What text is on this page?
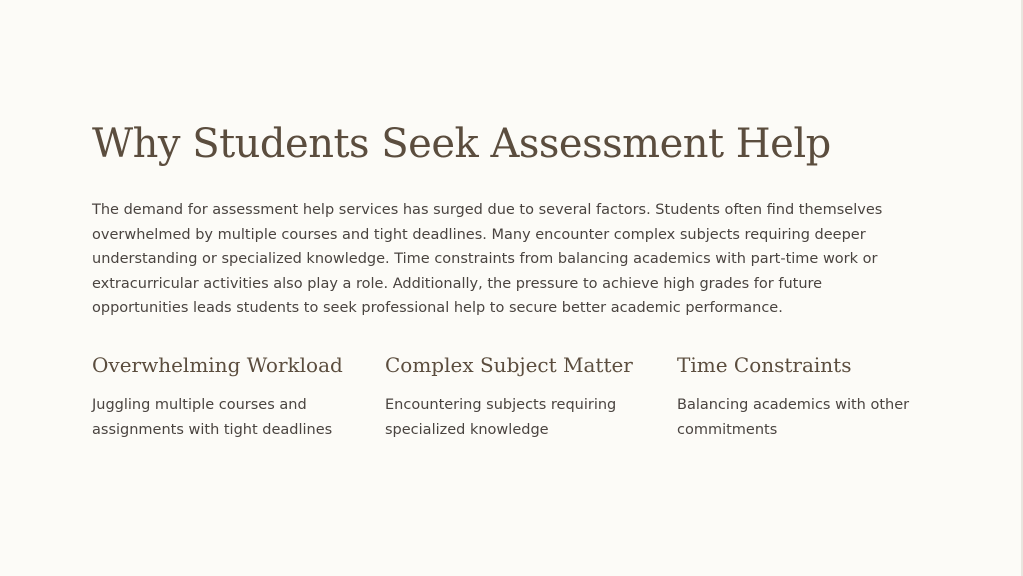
Why Students Seek Assessment Help

The demand for assessment help services has surged due to several factors. Students often find themselves overwhelmed by multiple courses and tight deadlines. Many encounter complex subjects requiring deeper understanding or specialized knowledge. Time constraints from balancing academics with part-time work or extracurricular activities also play a role. Additionally, the pressure to achieve high grades for future opportunities leads students to seek professional help to secure better academic performance.

Overwhelming Workload

Juggling multiple courses and assignments with tight deadlines

Complex Subject Matter

Encountering subjects requiring specialized knowledge

Time Constraints

Balancing academics with other commitments
